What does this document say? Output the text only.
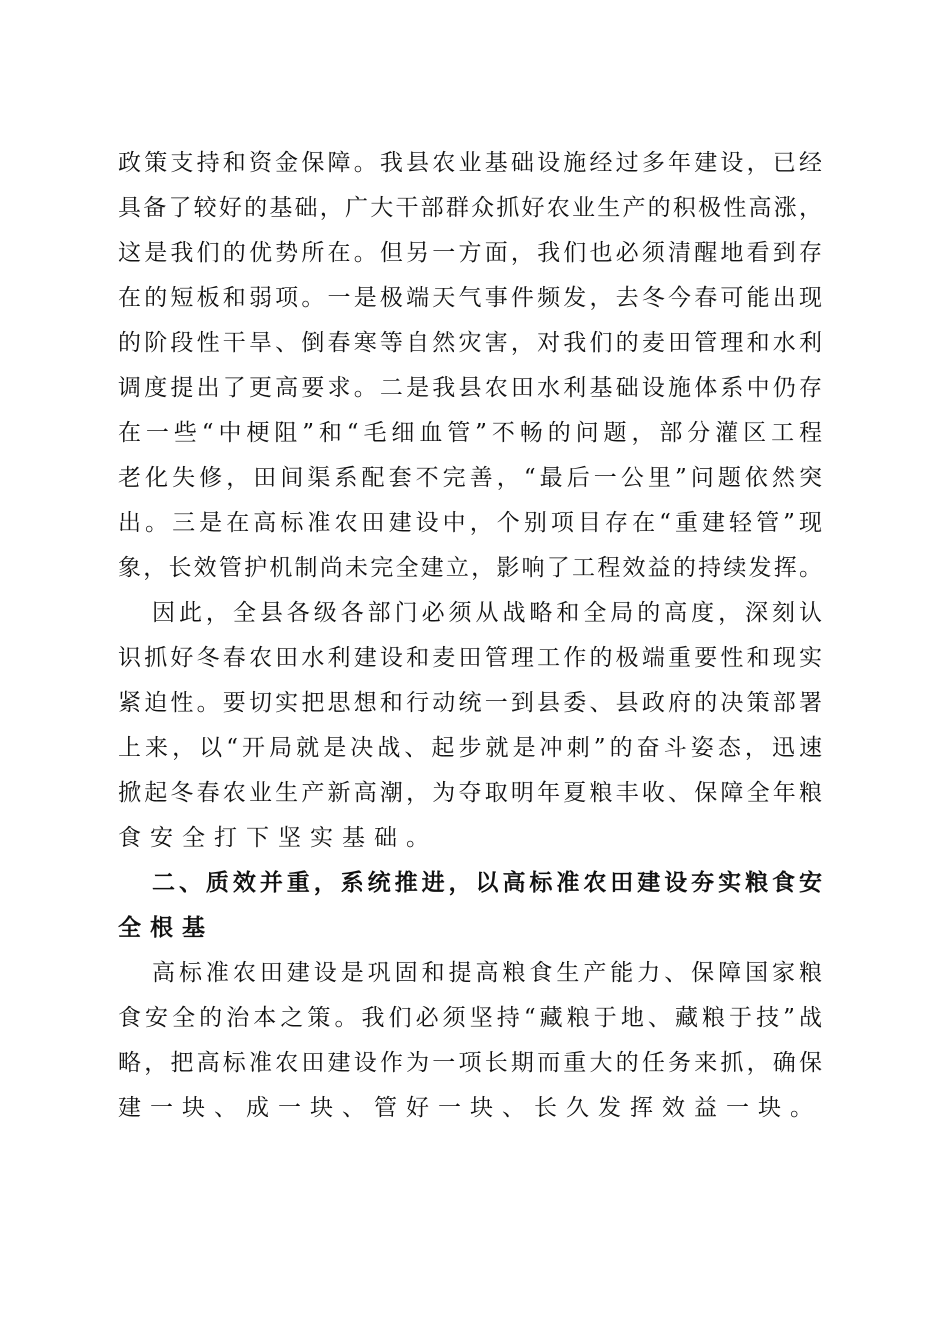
政策支持和资金保障。我县农业基础设施经过多年建设，已经
具备了较好的基础，广大干部群众抓好农业生产的积极性高涨，
这是我们的优势所在。但另一方面，我们也必须清醒地看到存
在的短板和弱项。一是极端天气事件频发，去冬今春可能出现
的阶段性干旱、倒春寒等自然灾害，对我们的麦田管理和水利
调度提出了更高要求。二是我县农田水利基础设施体系中仍存
在一些“中梗阻”和“毛细血管”不畅的问题，部分灌区工程
老化失修，田间渠系配套不完善，“最后一公里”问题依然突
出。三是在高标准农田建设中，个别项目存在“重建轻管”现
象，长效管护机制尚未完全建立，影响了工程效益的持续发挥。
因此，全县各级各部门必须从战略和全局的高度，深刻认
识抓好冬春农田水利建设和麦田管理工作的极端重要性和现实
紧迫性。要切实把思想和行动统一到县委、县政府的决策部署
上来，以“开局就是决战、起步就是冲刺”的奋斗姿态，迅速
掀起冬春农业生产新高潮，为夺取明年夏粮丰收、保障全年粮
食安全打下坚实基础。
二、质效并重，系统推进，以高标准农田建设夯实粮食安
全根基
高标准农田建设是巩固和提高粮食生产能力、保障国家粮
食安全的治本之策。我们必须坚持“藏粮于地、藏粮于技”战
略，把高标准农田建设作为一项长期而重大的任务来抓，确保
建一块、成一块、管好一块、长久发挥效益一块。
